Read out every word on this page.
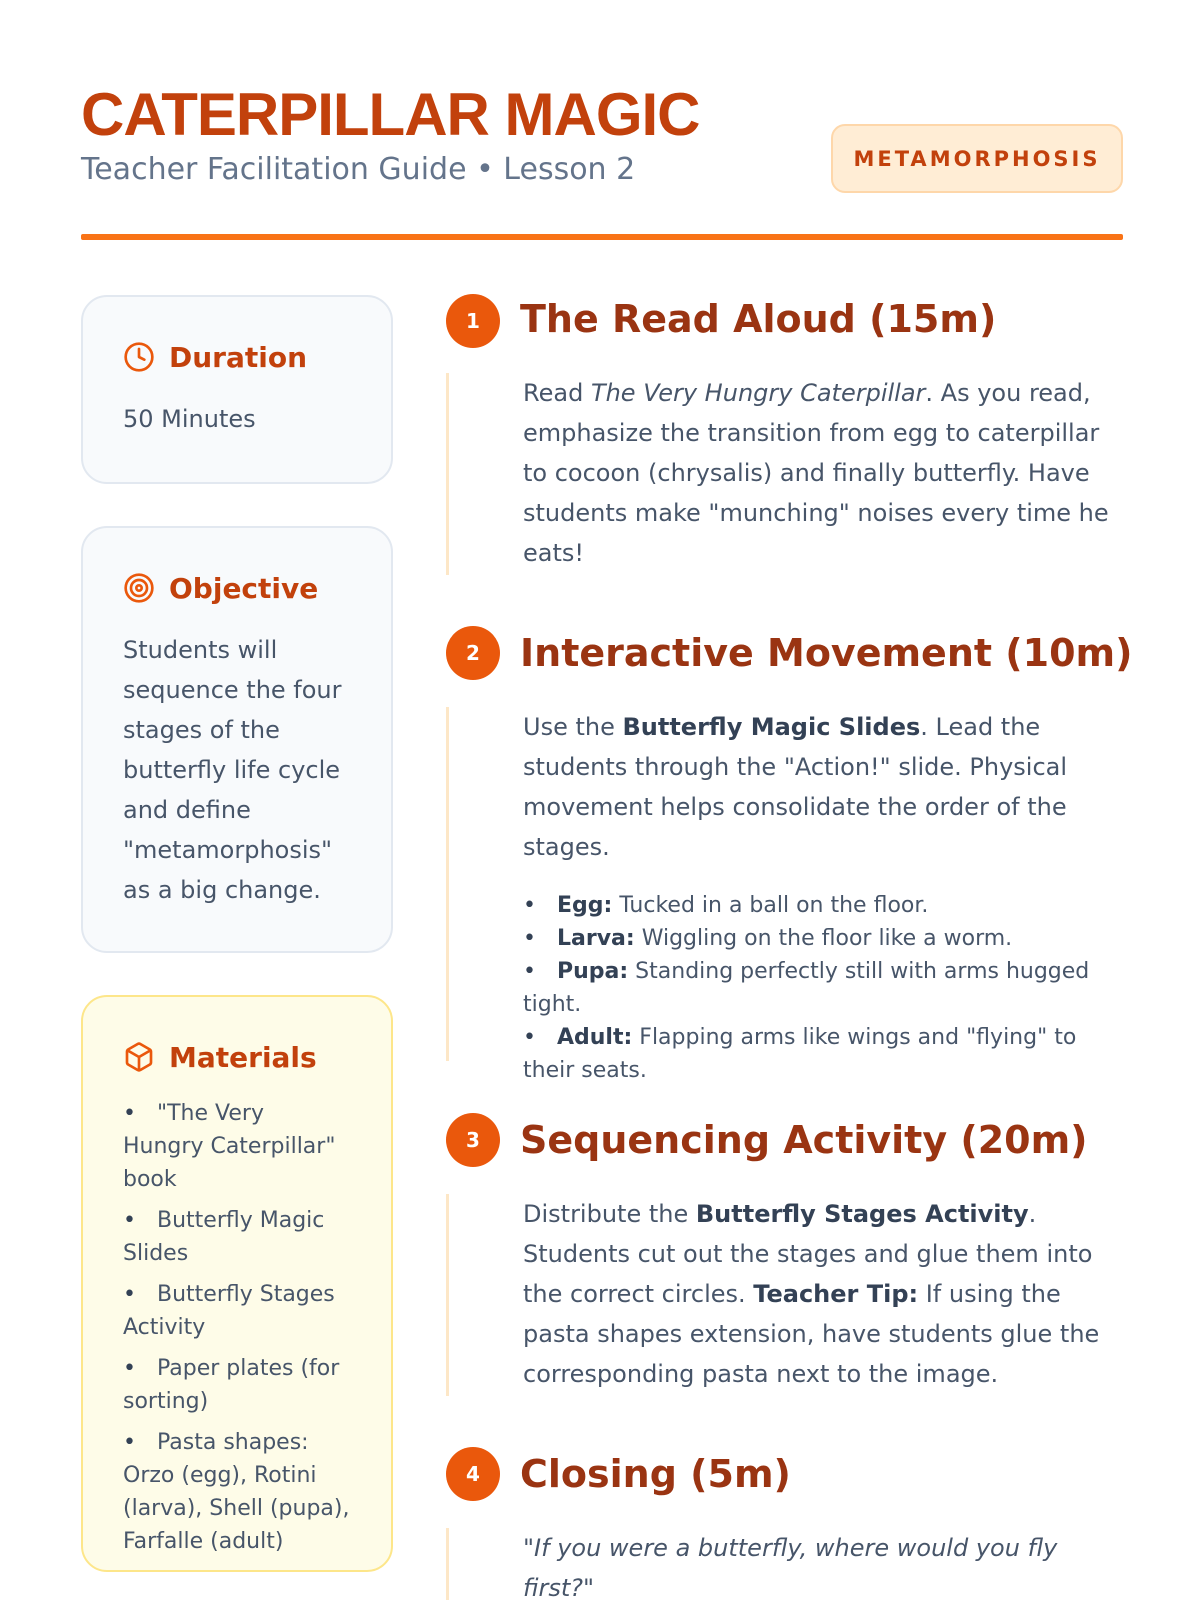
CATERPILLAR MAGIC
Teacher Facilitation Guide • Lesson 2	METAMORPHOSIS
Duration
50 Minutes
Objective
Students will sequence the four stages of the butterfly life cycle and define "metamorphosis" as a big change.
Materials
• "The Very Hungry Caterpillar" book
• Butterfly Magic Slides
• Butterfly Stages Activity
• Paper plates (for sorting)
• Pasta shapes: Orzo (egg), Rotini (larva), Shell (pupa), Farfalle (adult)
1	The Read Aloud (15m)

Read The Very Hungry Caterpillar. As you read, emphasize the transition from egg to caterpillar to cocoon (chrysalis) and finally butterfly. Have students make "munching" noises every time he eats!

2	Interactive Movement (10m)

Use the Butterfly Magic Slides. Lead the students through the "Action!" slide. Physical movement helps consolidate the order of the stages.

• Egg: Tucked in a ball on the floor.
• Larva: Wiggling on the floor like a worm.
• Pupa: Standing perfectly still with arms hugged tight.
• Adult: Flapping arms like wings and "flying" to their seats.
3	Sequencing Activity (20m)

Distribute the Butterfly Stages Activity. Students cut out the stages and glue them into the correct circles. Teacher Tip: If using the pasta shapes extension, have students glue the corresponding pasta next to the image.

4	Closing (5m)

"If you were a butterfly, where would you fly first?"
